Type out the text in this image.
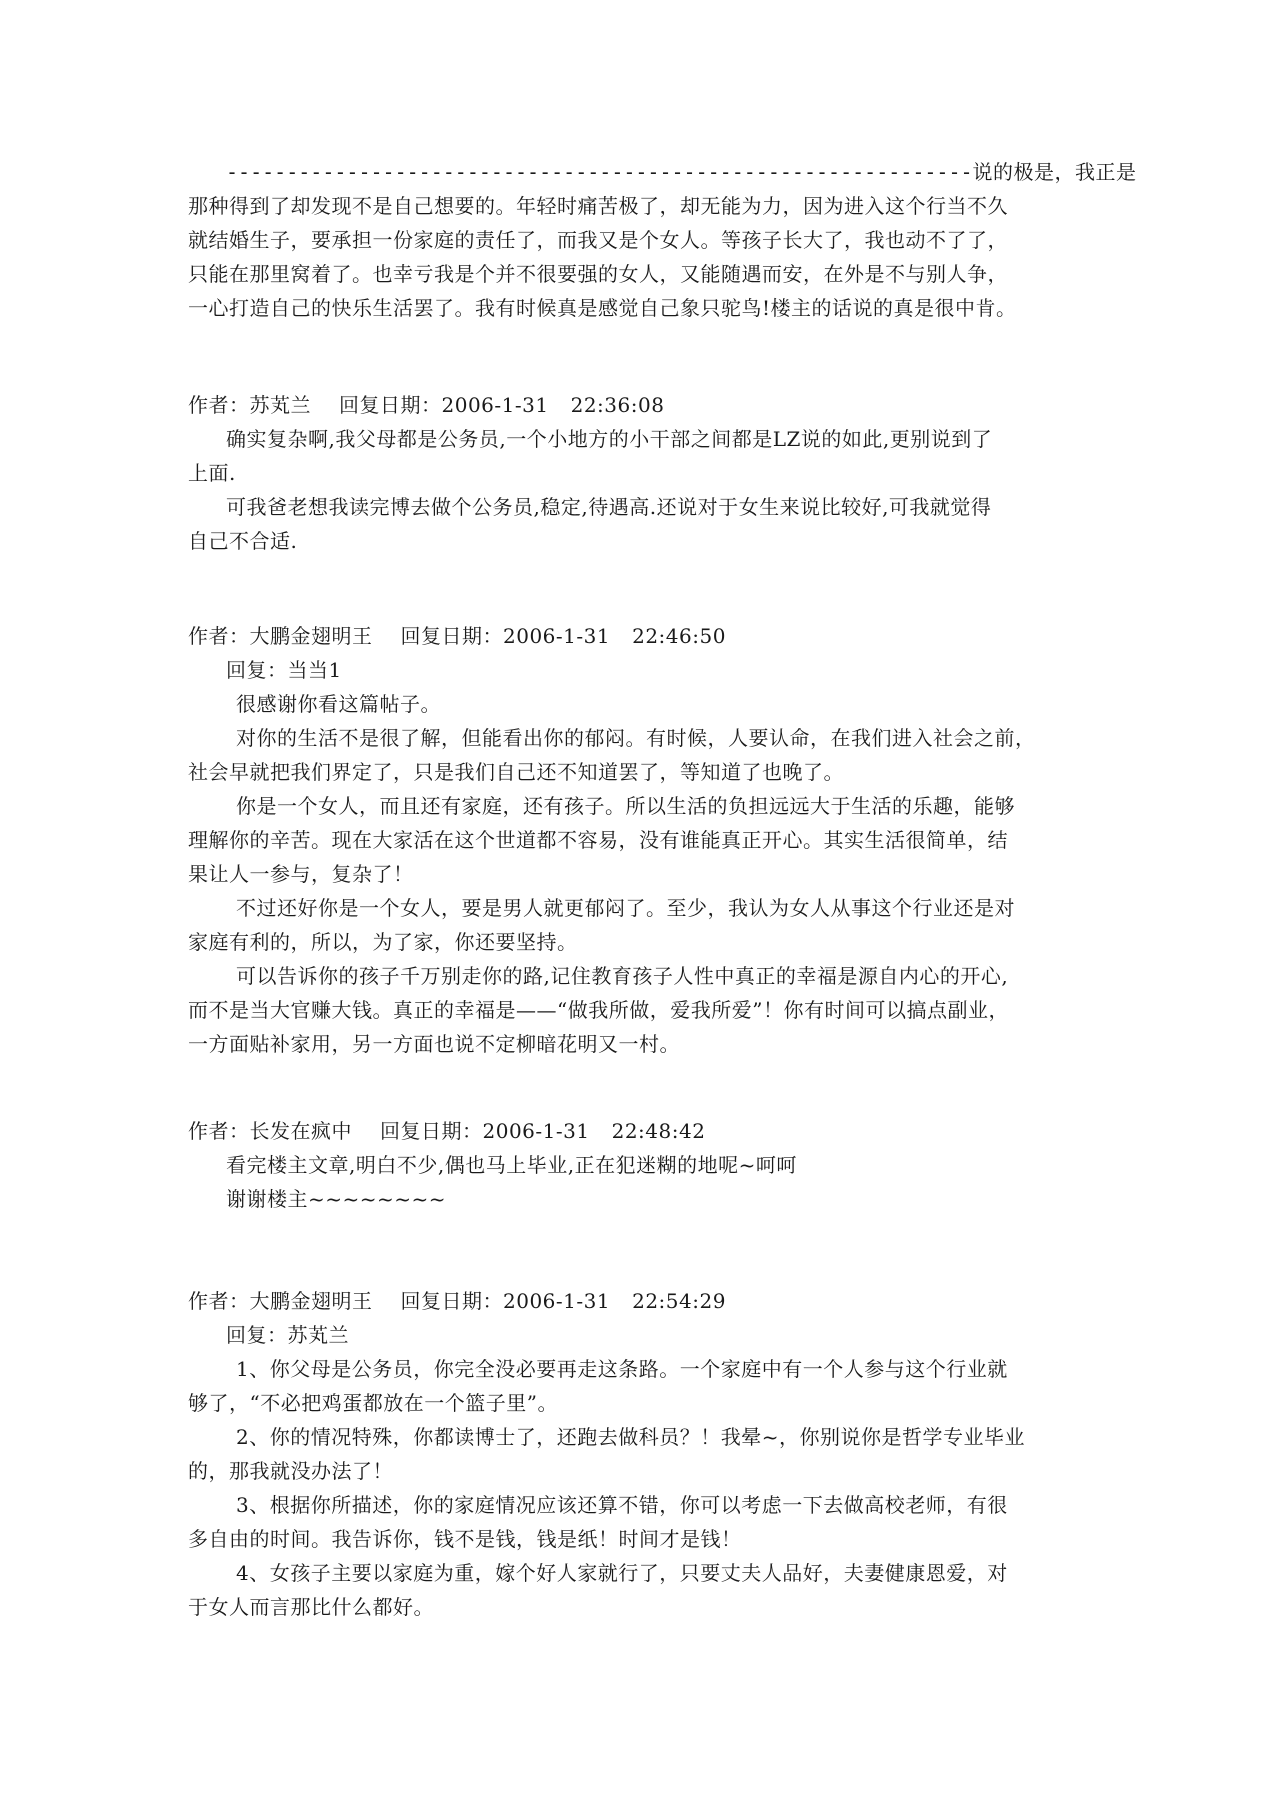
--------------------------------------------------------------说的极是，我正是
那种得到了却发现不是自己想要的。年轻时痛苦极了，却无能为力，因为进入这个行当不久
就结婚生子，要承担一份家庭的责任了，而我又是个女人。等孩子长大了，我也动不了了，
只能在那里窝着了。也幸亏我是个并不很要强的女人，又能随遇而安，在外是不与别人争，
一心打造自己的快乐生活罢了。我有时候真是感觉自己象只驼鸟!楼主的话说的真是很中肯。
作者：苏芄兰 回复日期：2006-1-31 22:36:08
确实复杂啊,我父母都是公务员,一个小地方的小干部之间都是LZ说的如此,更别说到了
上面.
可我爸老想我读完博去做个公务员,稳定,待遇高.还说对于女生来说比较好,可我就觉得
自己不合适.
作者：大鹏金翅明王 回复日期：2006-1-31 22:46:50
回复：当当1
很感谢你看这篇帖子。
对你的生活不是很了解，但能看出你的郁闷。有时候，人要认命，在我们进入社会之前，
社会早就把我们界定了，只是我们自己还不知道罢了，等知道了也晚了。
你是一个女人，而且还有家庭，还有孩子。所以生活的负担远远大于生活的乐趣，能够
理解你的辛苦。现在大家活在这个世道都不容易，没有谁能真正开心。其实生活很简单，结
果让人一参与，复杂了！
不过还好你是一个女人，要是男人就更郁闷了。至少，我认为女人从事这个行业还是对
家庭有利的，所以，为了家，你还要坚持。
可以告诉你的孩子千万别走你的路,记住教育孩子人性中真正的幸福是源自内心的开心,
而不是当大官赚大钱。真正的幸福是——“做我所做，爱我所爱”！你有时间可以搞点副业，
一方面贴补家用，另一方面也说不定柳暗花明又一村。
作者：长发在疯中 回复日期：2006-1-31 22:48:42
看完楼主文章,明白不少,偶也马上毕业,正在犯迷糊的地呢~呵呵
谢谢楼主~~~~~~~~
作者：大鹏金翅明王 回复日期：2006-1-31 22:54:29
回复：苏芄兰
1、你父母是公务员，你完全没必要再走这条路。一个家庭中有一个人参与这个行业就
够了，“不必把鸡蛋都放在一个篮子里”。
2、你的情况特殊，你都读博士了，还跑去做科员？！我晕~，你别说你是哲学专业毕业
的，那我就没办法了！
3、根据你所描述，你的家庭情况应该还算不错，你可以考虑一下去做高校老师，有很
多自由的时间。我告诉你，钱不是钱，钱是纸！时间才是钱！
4、女孩子主要以家庭为重，嫁个好人家就行了，只要丈夫人品好，夫妻健康恩爱，对
于女人而言那比什么都好。
